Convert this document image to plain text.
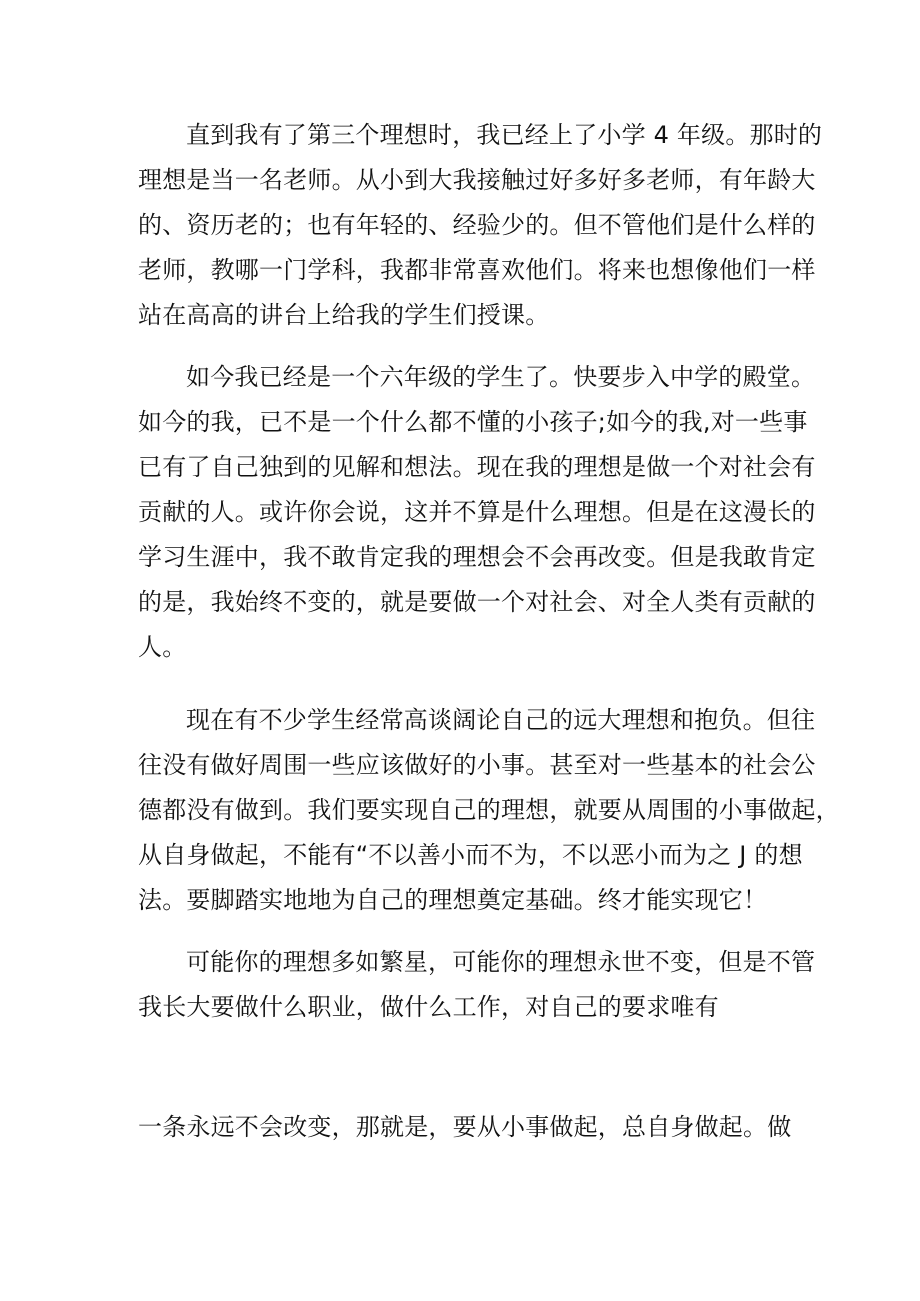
直到我有了第三个理想时，我已经上了小学 4 年级。那时的
理想是当一名老师。从小到大我接触过好多好多老师，有年龄大
的、资历老的；也有年轻的、经验少的。但不管他们是什么样的
老师，教哪一门学科，我都非常喜欢他们。将来也想像他们一样
站在高高的讲台上给我的学生们授课。

如今我已经是一个六年级的学生了。快要步入中学的殿堂。
如今的我，已不是一个什么都不懂的小孩子;如今的我,对一些事
已有了自己独到的见解和想法。现在我的理想是做一个对社会有
贡献的人。或许你会说，这并不算是什么理想。但是在这漫长的
学习生涯中，我不敢肯定我的理想会不会再改变。但是我敢肯定
的是，我始终不变的，就是要做一个对社会、对全人类有贡献的
人。

现在有不少学生经常高谈阔论自己的远大理想和抱负。但往
往没有做好周围一些应该做好的小事。甚至对一些基本的社会公
德都没有做到。我们要实现自己的理想，就要从周围的小事做起，
从自身做起，不能有“不以善小而不为，不以恶小而为之 J 的想
法。要脚踏实地地为自己的理想奠定基础。终才能实现它！

可能你的理想多如繁星，可能你的理想永世不变，但是不管
我长大要做什么职业，做什么工作，对自己的要求唯有

一条永远不会改变，那就是，要从小事做起，总自身做起。做
